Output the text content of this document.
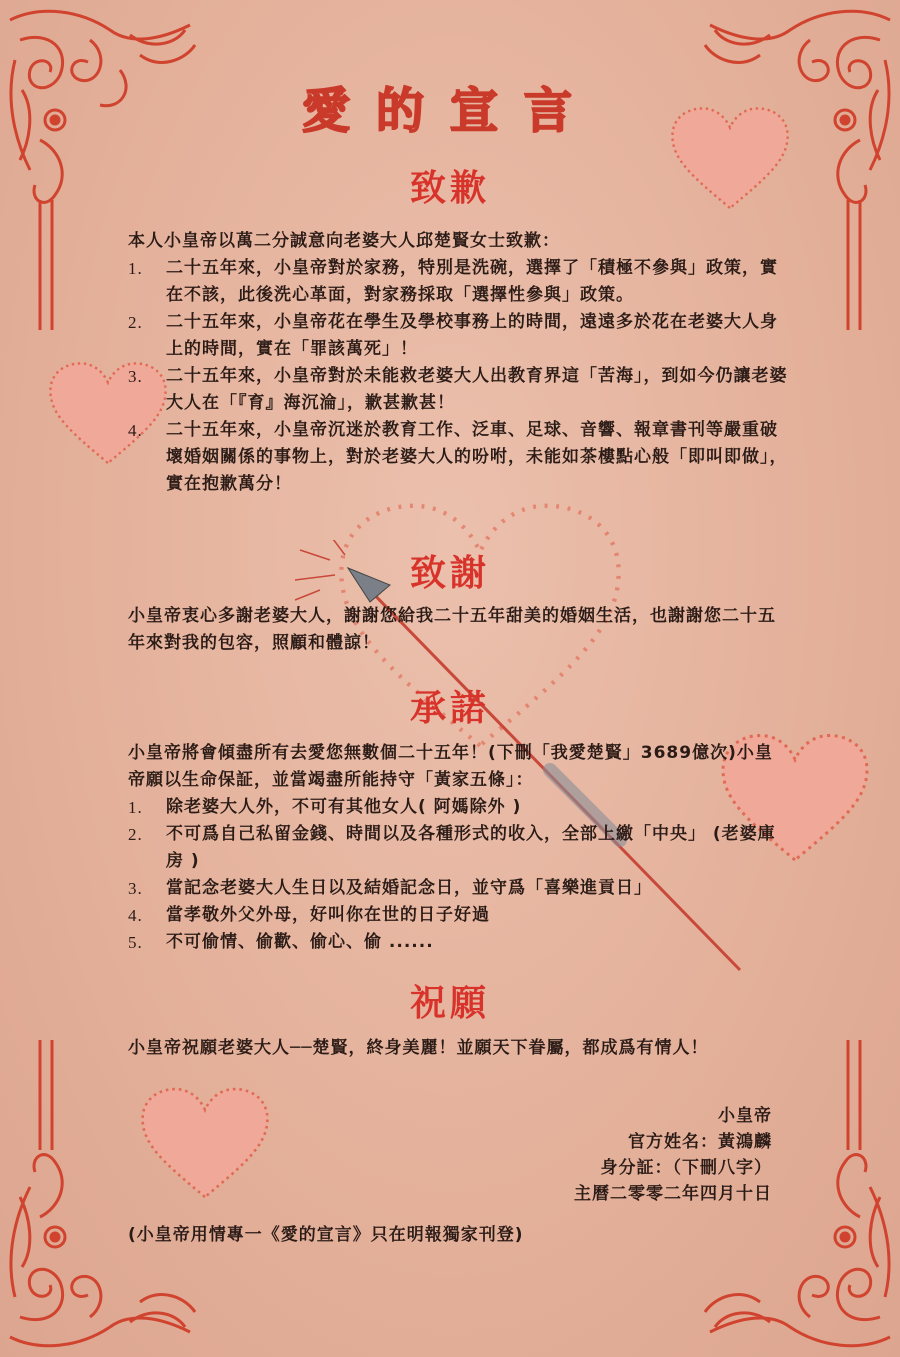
愛的宣言
致歉
本人小皇帝以萬二分誠意向老婆大人邱楚賢女士致歉：
1. 二十五年來，小皇帝對於家務，特別是洗碗，選擇了「積極不參與」政策，實在不該，此後洗心革面，對家務採取「選擇性參與」政策。
2. 二十五年來，小皇帝花在學生及學校事務上的時間，遠遠多於花在老婆大人身上的時間，實在「罪該萬死」！
3. 二十五年來，小皇帝對於未能救老婆大人出教育界這「苦海」，到如今仍讓老婆大人在「『育』海沉淪」，歉甚歉甚！
4. 二十五年來，小皇帝沉迷於教育工作、泛車、足球、音響、報章書刊等嚴重破壞婚姻關係的事物上，對於老婆大人的吩咐，未能如茶樓點心般「即叫即做」，實在抱歉萬分！
致謝
小皇帝衷心多謝老婆大人，謝謝您給我二十五年甜美的婚姻生活，也謝謝您二十五年來對我的包容，照顧和體諒！
承諾
小皇帝將會傾盡所有去愛您無數個二十五年！(下刪「我愛楚賢」3689億次)小皇帝願以生命保証，並當竭盡所能持守「黃家五條」：
1. 除老婆大人外，不可有其他女人( 阿媽除外 )
2. 不可爲自己私留金錢、時間以及各種形式的收入，全部上繳「中央」 (老婆庫房 )
3. 當記念老婆大人生日以及結婚記念日，並守爲「喜樂進貢日」
4. 當孝敬外父外母，好叫你在世的日子好過
5. 不可偷情、偷歡、偷心、偷 ......
祝願
小皇帝祝願老婆大人──楚賢，終身美麗！並願天下眷屬，都成爲有情人！
小皇帝
官方姓名：黃鴻麟
身分証：（下刪八字）
主曆二零零二年四月十日
(小皇帝用情專一《愛的宣言》只在明報獨家刊登)
